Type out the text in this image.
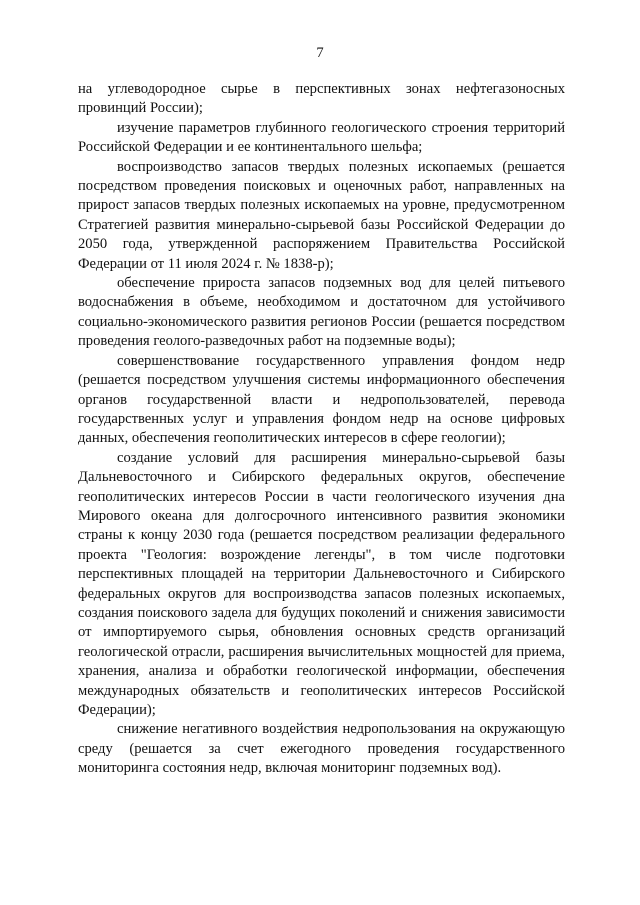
7

на углеводородное сырье в перспективных зонах нефтегазоносных провинций России);

изучение параметров глубинного геологического строения территорий Российской Федерации и ее континентального шельфа;

воспроизводство запасов твердых полезных ископаемых (решается посредством проведения поисковых и оценочных работ, направленных на прирост запасов твердых полезных ископаемых на уровне, предусмотренном Стратегией развития минерально-сырьевой базы Российской Федерации до 2050 года, утвержденной распоряжением Правительства Российской Федерации от 11 июля 2024 г. № 1838-р);

обеспечение прироста запасов подземных вод для целей питьевого водоснабжения в объеме, необходимом и достаточном для устойчивого социально-экономического развития регионов России (решается посредством проведения геолого-разведочных работ на подземные воды);

совершенствование государственного управления фондом недр (решается посредством улучшения системы информационного обеспечения органов государственной власти и недропользователей, перевода государственных услуг и управления фондом недр на основе цифровых данных, обеспечения геополитических интересов в сфере геологии);

создание условий для расширения минерально-сырьевой базы Дальневосточного и Сибирского федеральных округов, обеспечение геополитических интересов России в части геологического изучения дна Мирового океана для долгосрочного интенсивного развития экономики страны к концу 2030 года (решается посредством реализации федерального проекта "Геология: возрождение легенды", в том числе подготовки перспективных площадей на территории Дальневосточного и Сибирского федеральных округов для воспроизводства запасов полезных ископаемых, создания поискового задела для будущих поколений и снижения зависимости от импортируемого сырья, обновления основных средств организаций геологической отрасли, расширения вычислительных мощностей для приема, хранения, анализа и обработки геологической информации, обеспечения международных обязательств и геополитических интересов Российской Федерации);

снижение негативного воздействия недропользования на окружающую среду (решается за счет ежегодного проведения государственного мониторинга состояния недр, включая мониторинг подземных вод).
